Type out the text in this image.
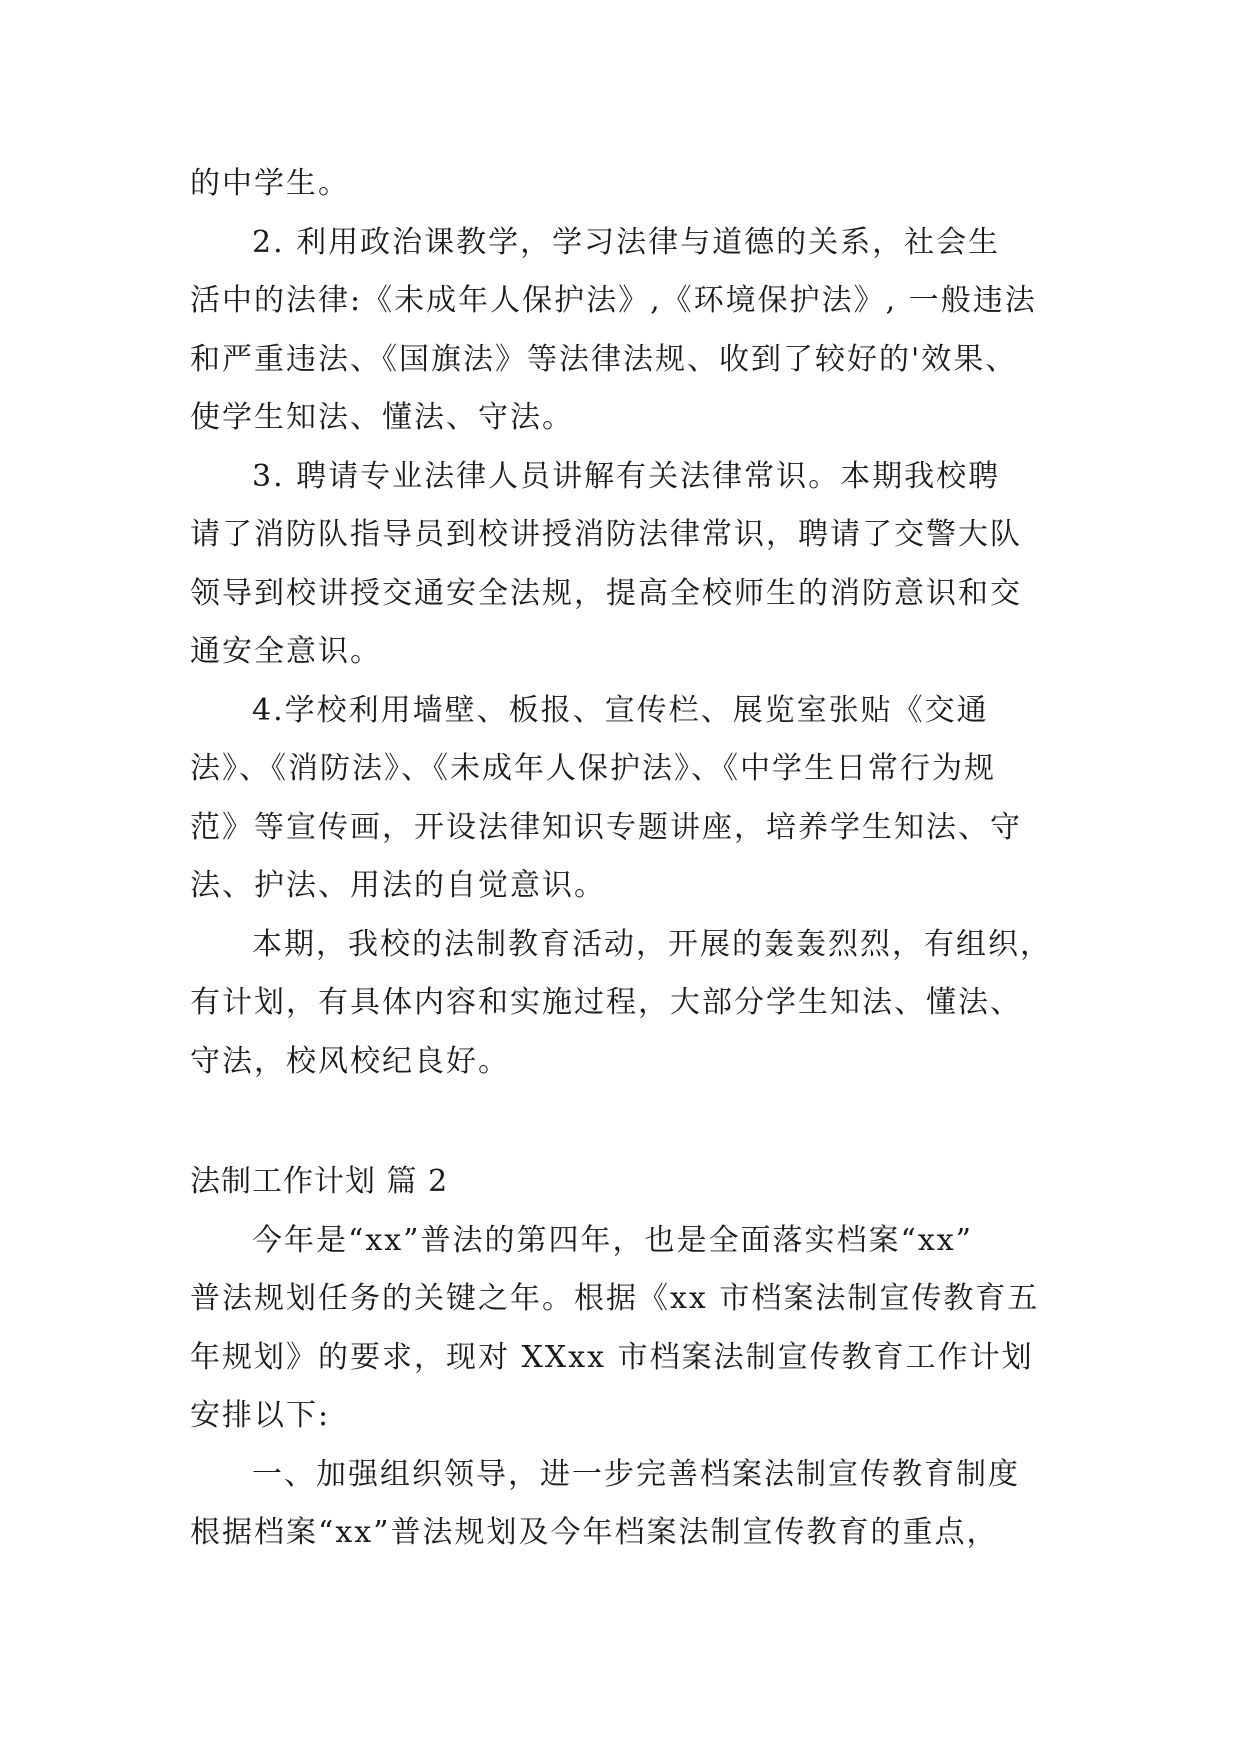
的中学生。
2. 利用政治课教学，学习法律与道德的关系，社会生
活中的法律:《未成年人保护法》,《环境保护法》, 一般违法
和严重违法、《国旗法》等法律法规、收到了较好的'效果、
使学生知法、懂法、守法。
3. 聘请专业法律人员讲解有关法律常识。本期我校聘
请了消防队指导员到校讲授消防法律常识，聘请了交警大队
领导到校讲授交通安全法规，提高全校师生的消防意识和交
通安全意识。
4.学校利用墙壁、板报、宣传栏、展览室张贴《交通
法》、《消防法》、《未成年人保护法》、《中学生日常行为规
范》等宣传画，开设法律知识专题讲座，培养学生知法、守
法、护法、用法的自觉意识。
本期，我校的法制教育活动，开展的轰轰烈烈，有组织，
有计划，有具体内容和实施过程，大部分学生知法、懂法、
守法，校风校纪良好。
法制工作计划 篇 2
今年是“xx”普法的第四年，也是全面落实档案“xx”
普法规划任务的关键之年。根据《xx 市档案法制宣传教育五
年规划》的要求，现对 XXxx 市档案法制宣传教育工作计划
安排以下:
一、加强组织领导，进一步完善档案法制宣传教育制度
根据档案“xx”普法规划及今年档案法制宣传教育的重点，
